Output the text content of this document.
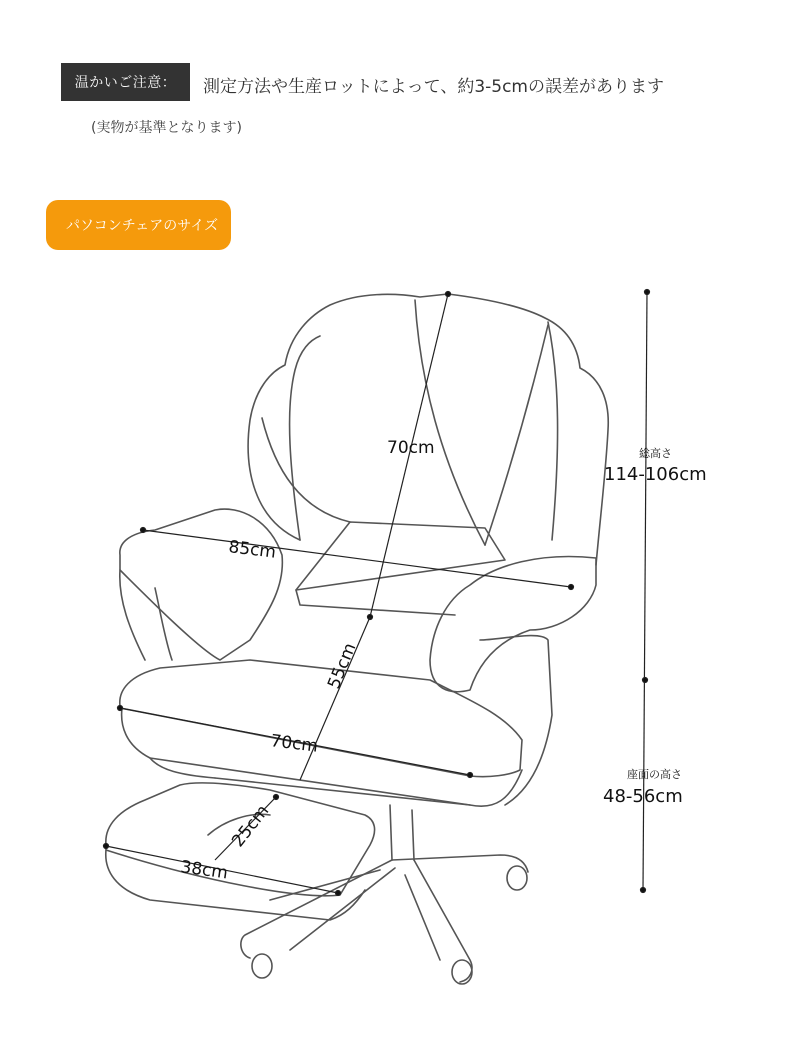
温かいご注意：	測定方法や生産ロットによって、約3-5cmの誤差があります
(実物が基準となります)
パソコンチェアのサイズ
70cm
85cm
55cm
70cm
25cm
38cm
総高さ
114-106cm
座面の高さ
48-56cm
